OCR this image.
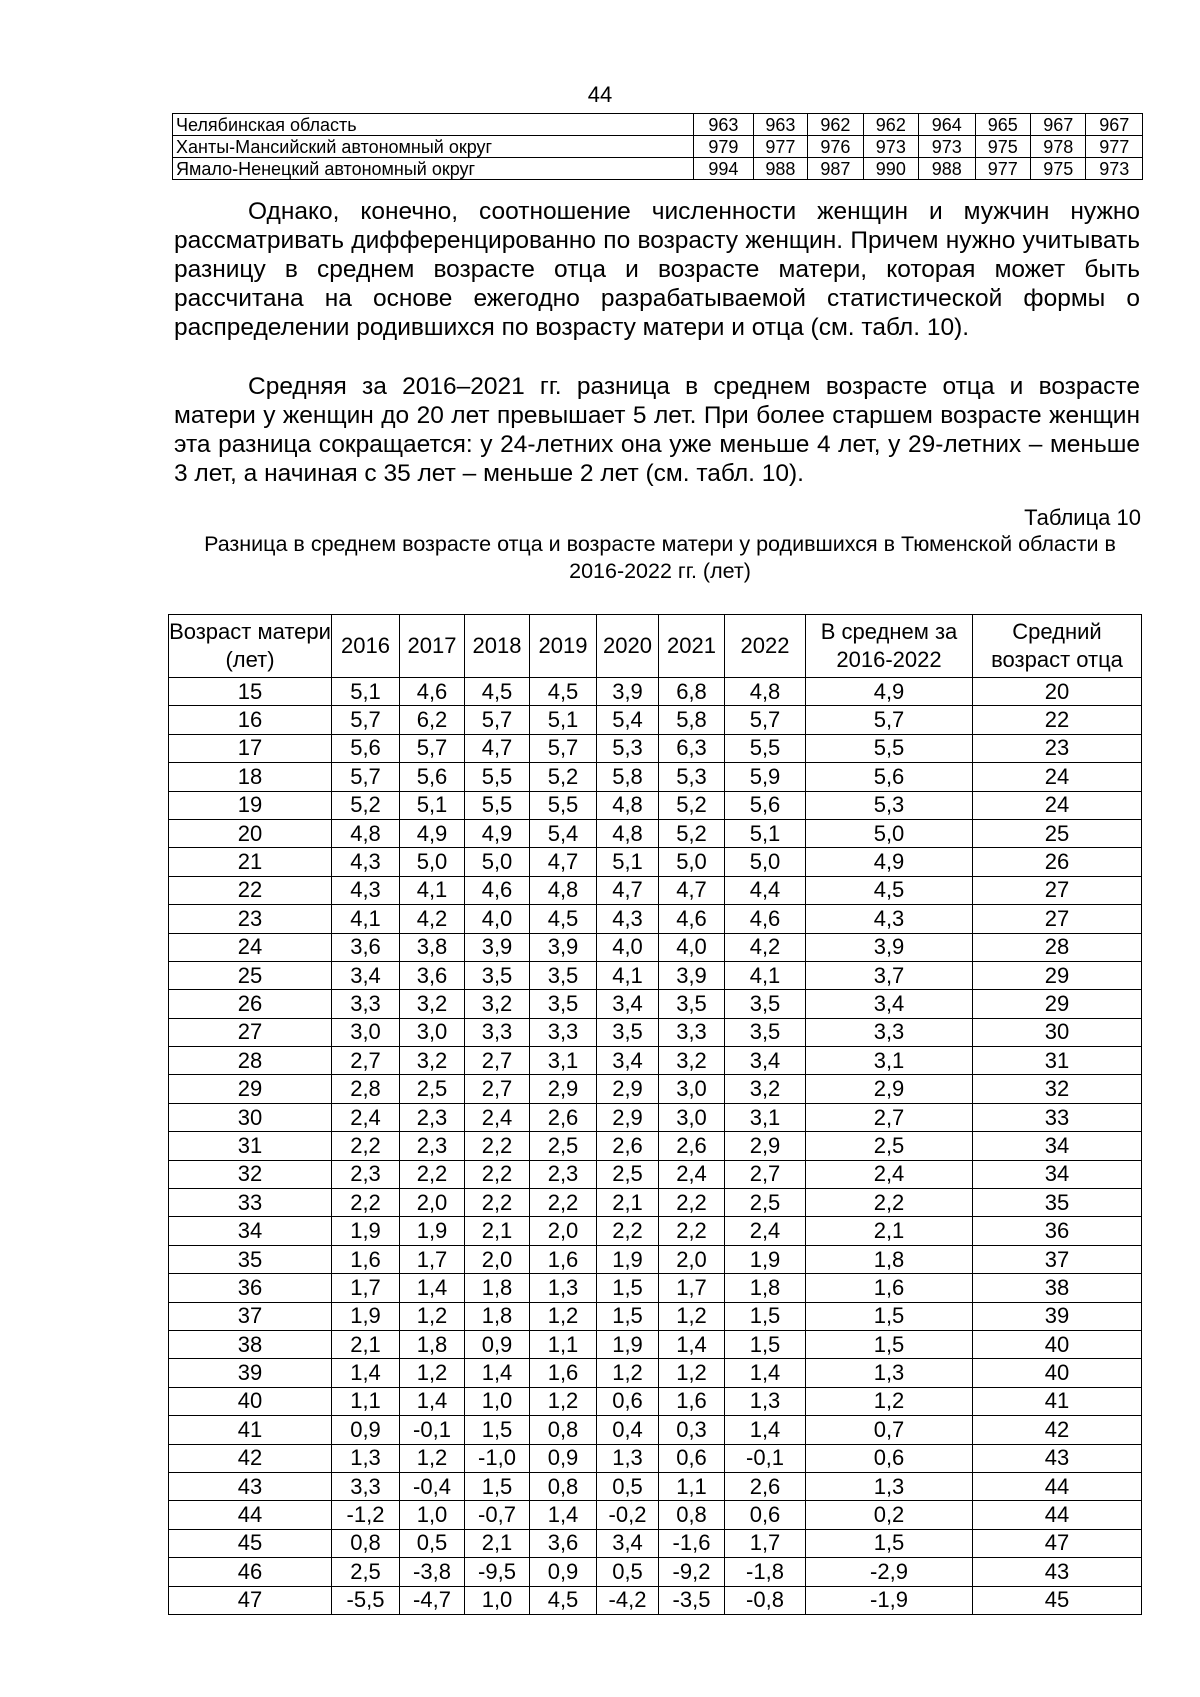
44
Челябинская область	963	963	962	962	964	965	967	967
Ханты-Мансийский автономный округ	979	977	976	973	973	975	978	977
Ямало-Ненецкий автономный округ	994	988	987	990	988	977	975	973

Однако, конечно, соотношение численности женщин и мужчин нужно рассматривать дифференцированно по возрасту женщин. Причем нужно учитывать разницу в среднем возрасте отца и возрасте матери, которая может быть рассчитана на основе ежегодно разрабатываемой статистической формы о распределении родившихся по возрасту матери и отца (см. табл. 10).

Средняя за 2016–2021 гг. разница в среднем возрасте отца и возрасте матери у женщин до 20 лет превышает 5 лет. При более старшем возрасте женщин эта разница сокращается: у 24-летних она уже меньше 4 лет, у 29-летних – меньше 3 лет, а начиная с 35 лет – меньше 2 лет (см. табл. 10).

Таблица 10
Разница в среднем возрасте отца и возрасте матери у родившихся в Тюменской области в 2016-2022 гг. (лет)
Возраст матери (лет)	2016	2017	2018	2019	2020	2021	2022	В среднем за 2016-2022	Средний возраст отца
15	5,1	4,6	4,5	4,5	3,9	6,8	4,8	4,9	20
16	5,7	6,2	5,7	5,1	5,4	5,8	5,7	5,7	22
17	5,6	5,7	4,7	5,7	5,3	6,3	5,5	5,5	23
18	5,7	5,6	5,5	5,2	5,8	5,3	5,9	5,6	24
19	5,2	5,1	5,5	5,5	4,8	5,2	5,6	5,3	24
20	4,8	4,9	4,9	5,4	4,8	5,2	5,1	5,0	25
21	4,3	5,0	5,0	4,7	5,1	5,0	5,0	4,9	26
22	4,3	4,1	4,6	4,8	4,7	4,7	4,4	4,5	27
23	4,1	4,2	4,0	4,5	4,3	4,6	4,6	4,3	27
24	3,6	3,8	3,9	3,9	4,0	4,0	4,2	3,9	28
25	3,4	3,6	3,5	3,5	4,1	3,9	4,1	3,7	29
26	3,3	3,2	3,2	3,5	3,4	3,5	3,5	3,4	29
27	3,0	3,0	3,3	3,3	3,5	3,3	3,5	3,3	30
28	2,7	3,2	2,7	3,1	3,4	3,2	3,4	3,1	31
29	2,8	2,5	2,7	2,9	2,9	3,0	3,2	2,9	32
30	2,4	2,3	2,4	2,6	2,9	3,0	3,1	2,7	33
31	2,2	2,3	2,2	2,5	2,6	2,6	2,9	2,5	34
32	2,3	2,2	2,2	2,3	2,5	2,4	2,7	2,4	34
33	2,2	2,0	2,2	2,2	2,1	2,2	2,5	2,2	35
34	1,9	1,9	2,1	2,0	2,2	2,2	2,4	2,1	36
35	1,6	1,7	2,0	1,6	1,9	2,0	1,9	1,8	37
36	1,7	1,4	1,8	1,3	1,5	1,7	1,8	1,6	38
37	1,9	1,2	1,8	1,2	1,5	1,2	1,5	1,5	39
38	2,1	1,8	0,9	1,1	1,9	1,4	1,5	1,5	40
39	1,4	1,2	1,4	1,6	1,2	1,2	1,4	1,3	40
40	1,1	1,4	1,0	1,2	0,6	1,6	1,3	1,2	41
41	0,9	-0,1	1,5	0,8	0,4	0,3	1,4	0,7	42
42	1,3	1,2	-1,0	0,9	1,3	0,6	-0,1	0,6	43
43	3,3	-0,4	1,5	0,8	0,5	1,1	2,6	1,3	44
44	-1,2	1,0	-0,7	1,4	-0,2	0,8	0,6	0,2	44
45	0,8	0,5	2,1	3,6	3,4	-1,6	1,7	1,5	47
46	2,5	-3,8	-9,5	0,9	0,5	-9,2	-1,8	-2,9	43
47	-5,5	-4,7	1,0	4,5	-4,2	-3,5	-0,8	-1,9	45
